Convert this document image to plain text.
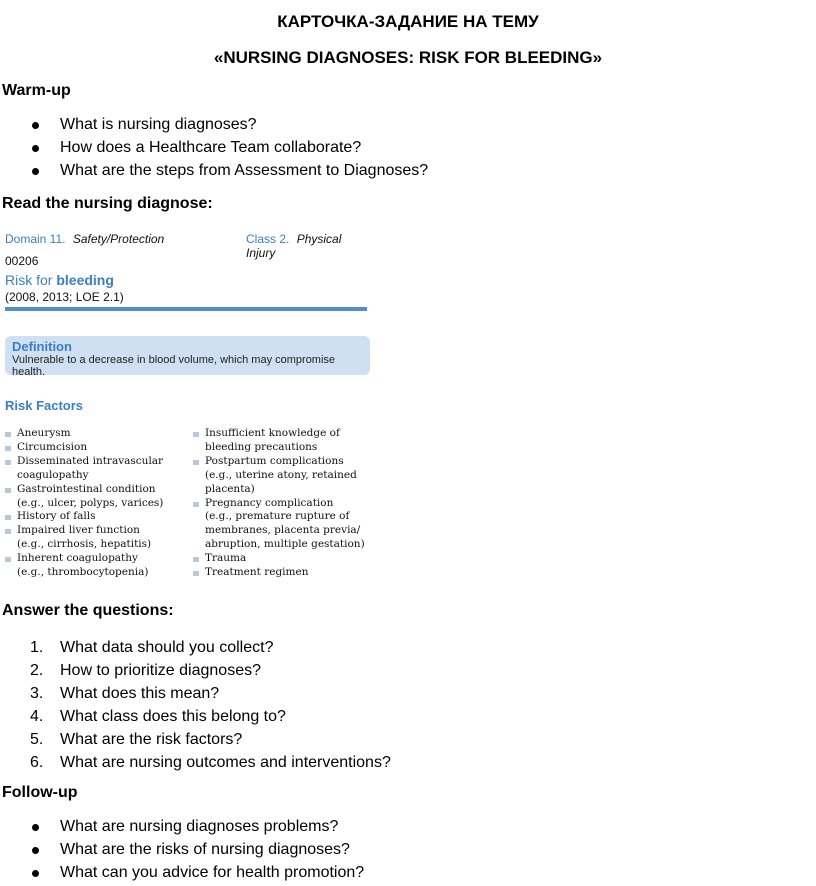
КАРТОЧКА-ЗАДАНИЕ НА ТЕМУ
«NURSING DIAGNOSES: RISK FOR BLEEDING»
Warm-up
What is nursing diagnoses?
How does a Healthcare Team collaborate?
What are the steps from Assessment to Diagnoses?
Read the nursing diagnose:
Domain 11. Safety/Protection	Class 2. Physical Injury
00206
Risk for bleeding
(2008, 2013; LOE 2.1)
Definition
Vulnerable to a decrease in blood volume, which may compromise health.
Risk Factors
Aneurysm
Circumcision
Disseminated intravascular
coagulopathy
Gastrointestinal condition
(e.g., ulcer, polyps, varices)
History of falls
Impaired liver function
(e.g., cirrhosis, hepatitis)
Inherent coagulopathy
(e.g., thrombocytopenia)
Insufficient knowledge of
bleeding precautions
Postpartum complications
(e.g., uterine atony, retained
placenta)
Pregnancy complication
(e.g., premature rupture of
membranes, placenta previa/
abruption, multiple gestation)
Trauma
Treatment regimen
Answer the questions:
1. What data should you collect?
2. How to prioritize diagnoses?
3. What does this mean?
4. What class does this belong to?
5. What are the risk factors?
6. What are nursing outcomes and interventions?
Follow-up
What are nursing diagnoses problems?
What are the risks of nursing diagnoses?
What can you advice for health promotion?
